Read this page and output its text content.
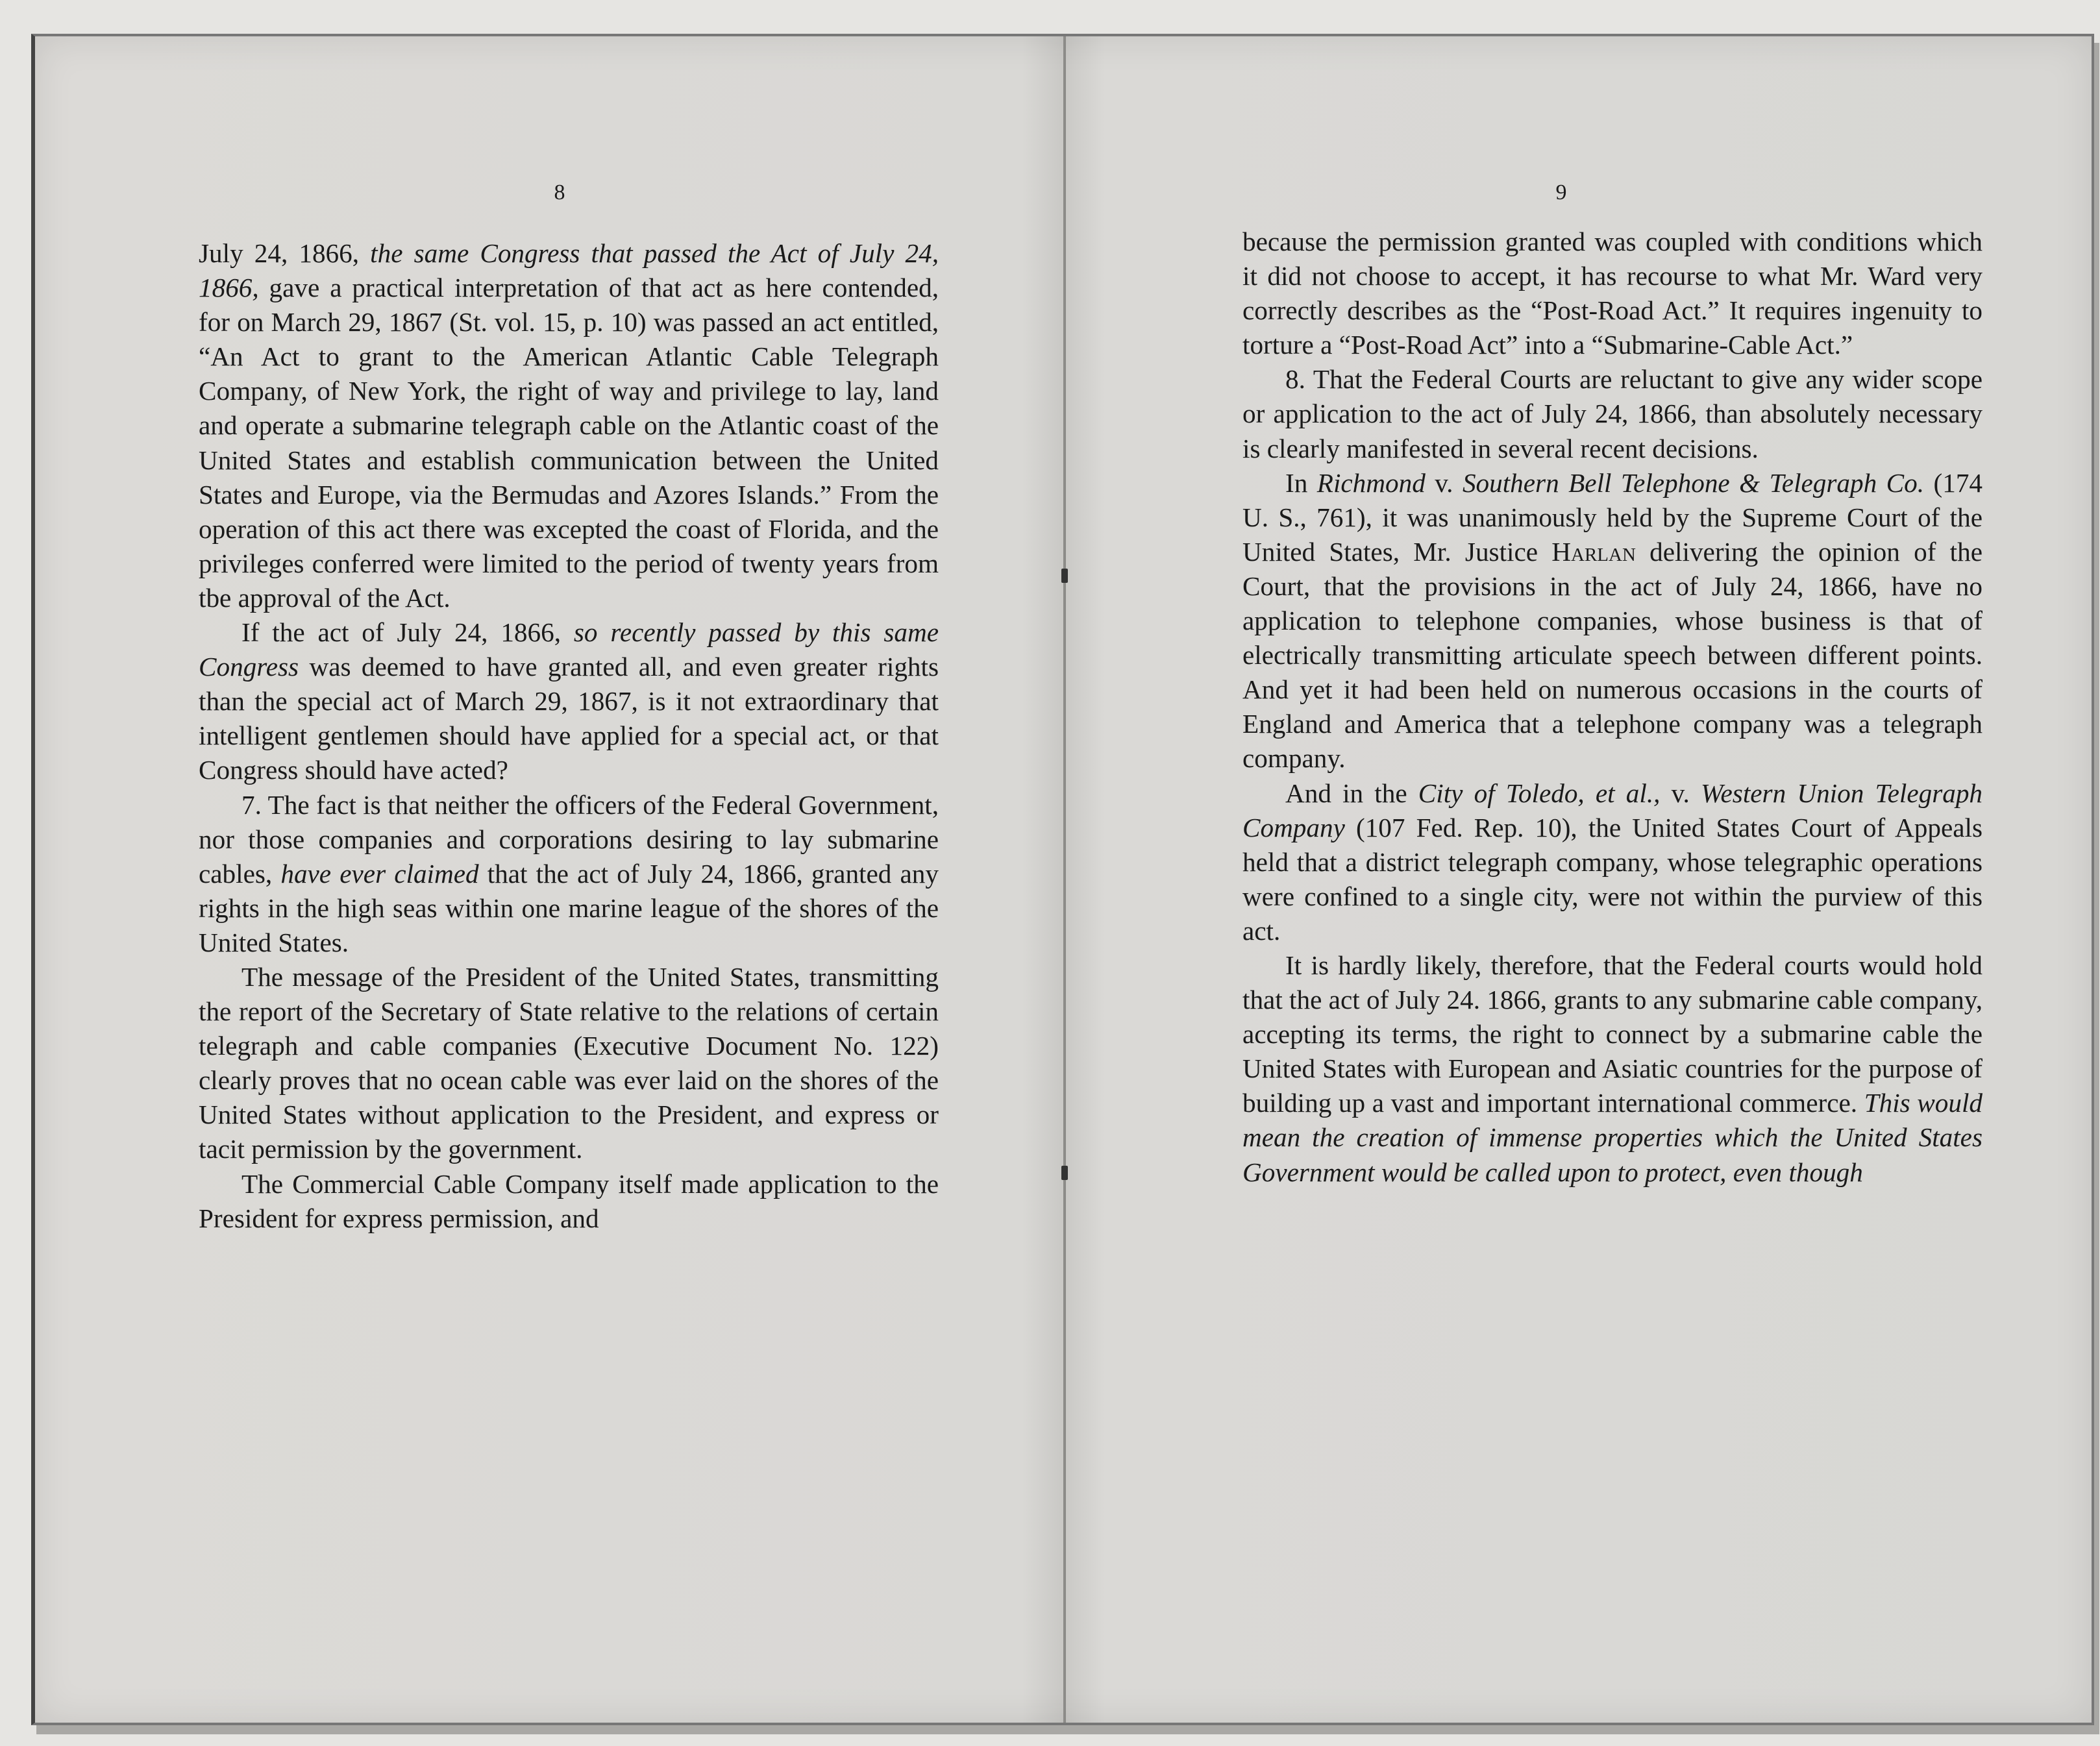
8

July 24, 1866, the same Congress that passed the Act of July 24, 1866, gave a practical interpretation of that act as here contended, for on March 29, 1867 (St. vol. 15, p. 10) was passed an act entitled, “An Act to grant to the American Atlantic Cable Telegraph Company, of New York, the right of way and privilege to lay, land and operate a submarine telegraph cable on the Atlantic coast of the United States and establish communication between the United States and Europe, via the Bermudas and Azores Islands.” From the operation of this act there was excepted the coast of Florida, and the privileges conferred were limited to the period of twenty years from tbe approval of the Act.

If the act of July 24, 1866, so recently passed by this same Congress was deemed to have granted all, and even greater rights than the special act of March 29, 1867, is it not extraordinary that intelligent gentlemen should have applied for a special act, or that Congress should have acted?

7. The fact is that neither the officers of the Federal Government, nor those companies and corporations desiring to lay submarine cables, have ever claimed that the act of July 24, 1866, granted any rights in the high seas within one marine league of the shores of the United States.

The message of the President of the United States, transmitting the report of the Secretary of State relative to the relations of certain telegraph and cable companies (Executive Document No. 122) clearly proves that no ocean cable was ever laid on the shores of the United States without application to the President, and express or tacit permission by the government.

The Commercial Cable Company itself made application to the President for express permission, and

9

because the permission granted was coupled with conditions which it did not choose to accept, it has recourse to what Mr. Ward very correctly describes as the “Post-Road Act.” It requires ingenuity to torture a “Post-Road Act” into a “Submarine-Cable Act.”

8. That the Federal Courts are reluctant to give any wider scope or application to the act of July 24, 1866, than absolutely necessary is clearly manifested in several recent decisions.

In Richmond v. Southern Bell Telephone & Telegraph Co. (174 U. S., 761), it was unanimously held by the Supreme Court of the United States, Mr. Justice Harlan delivering the opinion of the Court, that the provisions in the act of July 24, 1866, have no application to telephone companies, whose business is that of electrically transmitting articulate speech between different points. And yet it had been held on numerous occasions in the courts of England and America that a telephone company was a telegraph company.

And in the City of Toledo, et al., v. Western Union Telegraph Company (107 Fed. Rep. 10), the United States Court of Appeals held that a district telegraph company, whose telegraphic operations were confined to a single city, were not within the purview of this act.

It is hardly likely, therefore, that the Federal courts would hold that the act of July 24. 1866, grants to any submarine cable company, accepting its terms, the right to connect by a submarine cable the United States with European and Asiatic countries for the purpose of building up a vast and important international commerce. This would mean the creation of immense properties which the United States Government would be called upon to protect, even though
